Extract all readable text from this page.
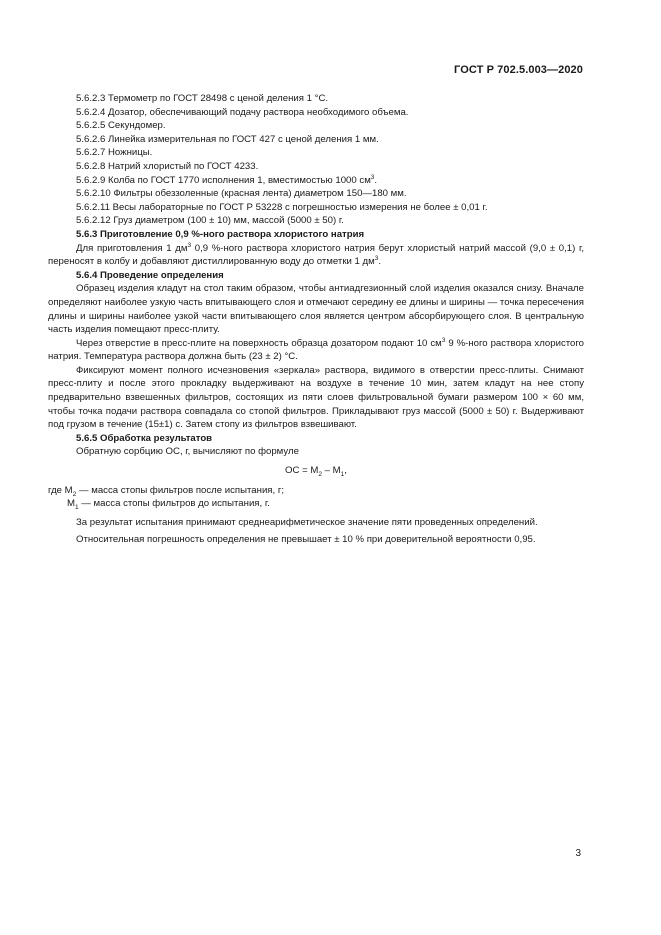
ГОСТ Р 702.5.003—2020
5.6.2.3 Термометр по ГОСТ 28498 с ценой деления 1 °С.
5.6.2.4 Дозатор, обеспечивающий подачу раствора необходимого объема.
5.6.2.5 Секундомер.
5.6.2.6 Линейка измерительная по ГОСТ 427 с ценой деления 1 мм.
5.6.2.7 Ножницы.
5.6.2.8 Натрий хлористый по ГОСТ 4233.
5.6.2.9 Колба по ГОСТ 1770 исполнения 1, вместимостью 1000 $см^3$.
5.6.2.10 Фильтры обеззоленные (красная лента) диаметром 150—180 мм.
5.6.2.11 Весы лабораторные по ГОСТ Р 53228 с погрешностью измерения не более ± 0,01 г.
5.6.2.12 Груз диаметром (100 ± 10) мм, массой (5000 ± 50) г.
5.6.3 Приготовление 0,9 %-ного раствора хлористого натрия
Для приготовления 1 $дм^3$ 0,9 %-ного раствора хлористого натрия берут хлористый натрий массой (9,0 ± 0,1) г, переносят в колбу и добавляют дистиллированную воду до отметки 1 $дм^3$.
5.6.4 Проведение определения
Образец изделия кладут на стол таким образом, чтобы антиадгезионный слой изделия оказался снизу. Вначале определяют наиболее узкую часть впитывающего слоя и отмечают середину ее длины и ширины — точка пересечения длины и ширины наиболее узкой части впитывающего слоя является центром абсорбирующего слоя. В центральную часть изделия помещают пресс-плиту.
Через отверстие в пресс-плите на поверхность образца дозатором подают 10 $см^3$ 9 %-ного раствора хлористого натрия. Температура раствора должна быть (23 ± 2) °С.
Фиксируют момент полного исчезновения «зеркала» раствора, видимого в отверстии пресс-плиты. Снимают пресс-плиту и после этого прокладку выдерживают на воздухе в течение 10 мин, затем кладут на нее стопу предварительно взвешенных фильтров, состоящих из пяти слоев фильтровальной бумаги размером 100 × 60 мм, чтобы точка подачи раствора совпадала со стопой фильтров. Прикладывают груз массой (5000 ± 50) г. Выдерживают под грузом в течение (15±1) с. Затем стопу из фильтров взвешивают.
5.6.5 Обработка результатов
Обратную сорбцию ОС, г, вычисляют по формуле
ОС = $М_2 - М_1$,
где $М_2$ — масса стопы фильтров после испытания, г;
$М_1$ — масса стопы фильтров до испытания, г.
За результат испытания принимают среднеарифметическое значение пяти проведенных определений.
Относительная погрешность определения не превышает ± 10 % при доверительной вероятности 0,95.
3
